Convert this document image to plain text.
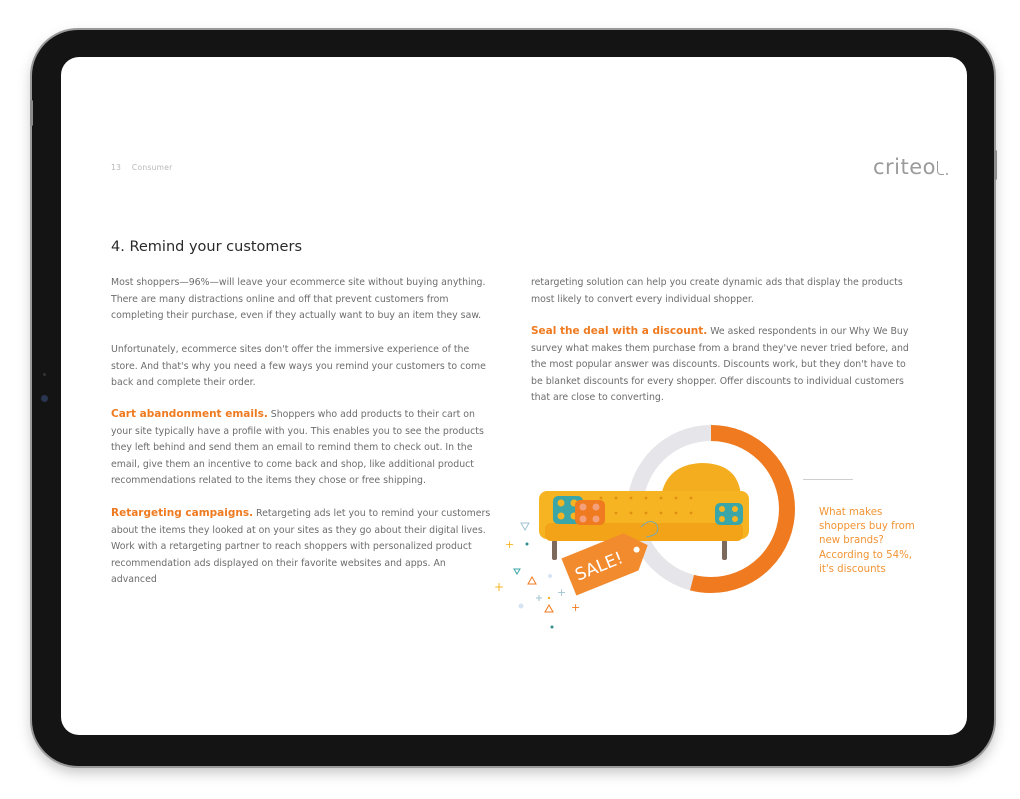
13 Consumer	criteo
4. Remind your customers

Most shoppers—96%—will leave your ecommerce site without buying anything. There are many distractions online and off that prevent customers from completing their purchase, even if they actually want to buy an item they saw.

Unfortunately, ecommerce sites don't offer the immersive experience of the store. And that's why you need a few ways you remind your customers to come back and complete their order.

Cart abandonment emails. Shoppers who add products to their cart on your site typically have a profile with you. This enables you to see the products they left behind and send them an email to remind them to check out. In the email, give them an incentive to come back and shop, like additional product recommendations related to the items they chose or free shipping.

Retargeting campaigns. Retargeting ads let you to remind your customers about the items they looked at on your sites as they go about their digital lives. Work with a retargeting partner to reach shoppers with personalized product recommendation ads displayed on their favorite websites and apps. An advanced

retargeting solution can help you create dynamic ads that display the products most likely to convert every individual shopper.

Seal the deal with a discount. We asked respondents in our Why We Buy survey what makes them purchase from a brand they've never tried before, and the most popular answer was discounts. Discounts work, but they don't have to be blanket discounts for every shopper. Offer discounts to individual customers that are close to converting.

SALE!
+
+	+
+
What makes shoppers buy from new brands? According to 54%, it's discounts
